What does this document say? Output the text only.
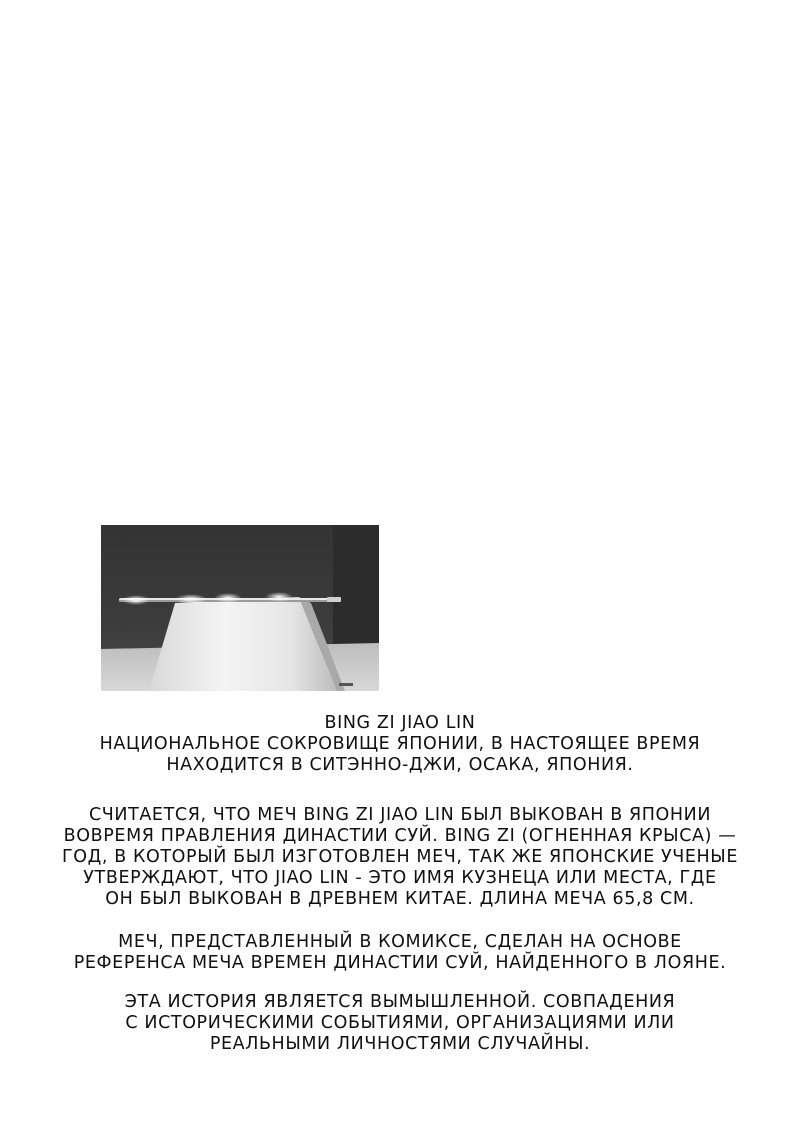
BING ZI JIAO LIN
НАЦИОНАЛЬНОЕ СОКРОВИЩЕ ЯПОНИИ, В НАСТОЯЩЕЕ ВРЕМЯ
НАХОДИТСЯ В СИТЭННО-ДЖИ, ОСАКА, ЯПОНИЯ.
СЧИТАЕТСЯ, ЧТО МЕЧ BING ZI JIAO LIN БЫЛ ВЫКОВАН В ЯПОНИИ
ВОВРЕМЯ ПРАВЛЕНИЯ ДИНАСТИИ СУЙ. BING ZI (ОГНЕННАЯ КРЫСА) —
ГОД, В КОТОРЫЙ БЫЛ ИЗГОТОВЛЕН МЕЧ, ТАК ЖЕ ЯПОНСКИЕ УЧЕНЫЕ
УТВЕРЖДАЮТ, ЧТО JIAO LIN - ЭТО ИМЯ КУЗНЕЦА ИЛИ МЕСТА, ГДЕ
ОН БЫЛ ВЫКОВАН В ДРЕВНЕМ КИТАЕ. ДЛИНА МЕЧА 65,8 СМ.
МЕЧ, ПРЕДСТАВЛЕННЫЙ В КОМИКСЕ, СДЕЛАН НА ОСНОВЕ
РЕФЕРЕНСА МЕЧА ВРЕМЕН ДИНАСТИИ СУЙ, НАЙДЕННОГО В ЛОЯНЕ.
ЭТА ИСТОРИЯ ЯВЛЯЕТСЯ ВЫМЫШЛЕННОЙ. СОВПАДЕНИЯ
С ИСТОРИЧЕСКИМИ СОБЫТИЯМИ, ОРГАНИЗАЦИЯМИ ИЛИ
РЕАЛЬНЫМИ ЛИЧНОСТЯМИ СЛУЧАЙНЫ.
